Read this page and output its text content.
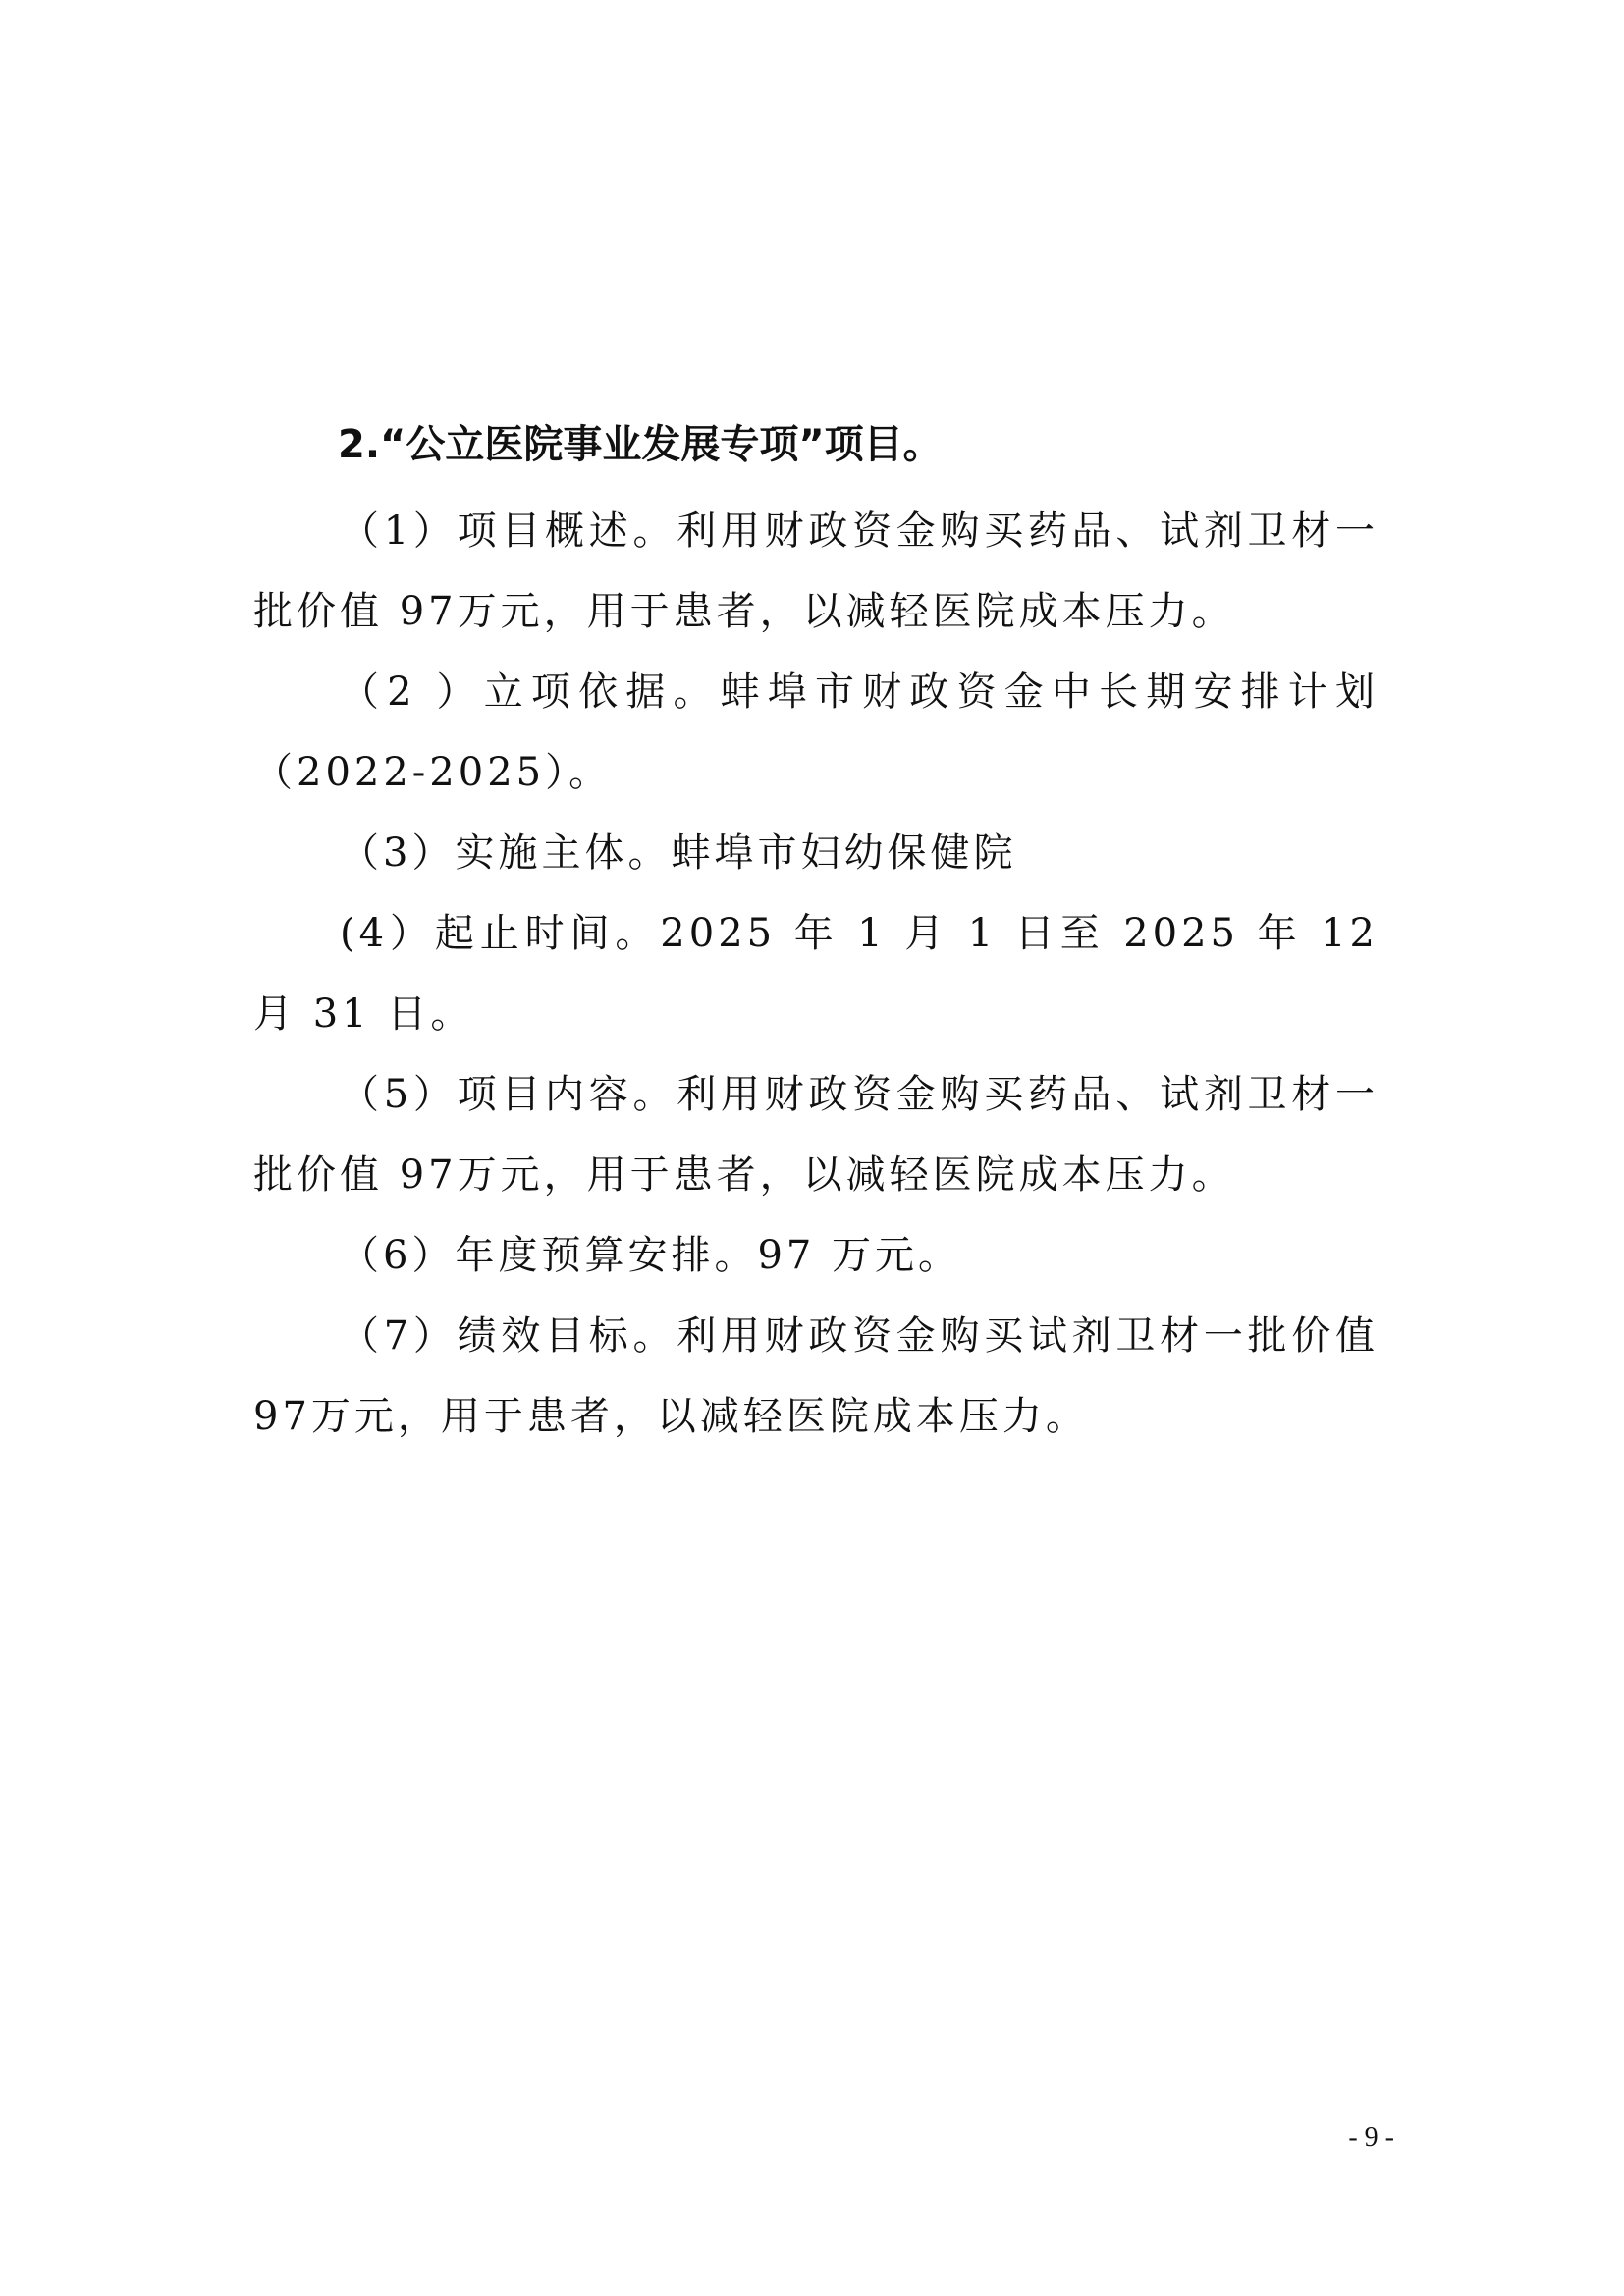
2.“公立医院事业发展专项”项目。

（1）项目概述。利用财政资金购买药品、试剂卫材一批价值 97万元，用于患者，以减轻医院成本压力。

（2 ）立项依据。蚌埠市财政资金中长期安排计划 （2022-2025）。

（3）实施主体。蚌埠市妇幼保健院

(4）起止时间。2025 年 1 月 1 日至 2025 年 12 月 31 日。

（5）项目内容。利用财政资金购买药品、试剂卫材一批价值 97万元，用于患者，以减轻医院成本压力。

（6）年度预算安排。97 万元。

（7）绩效目标。利用财政资金购买试剂卫材一批价值 97万元，用于患者，以减轻医院成本压力。

- 9 -
